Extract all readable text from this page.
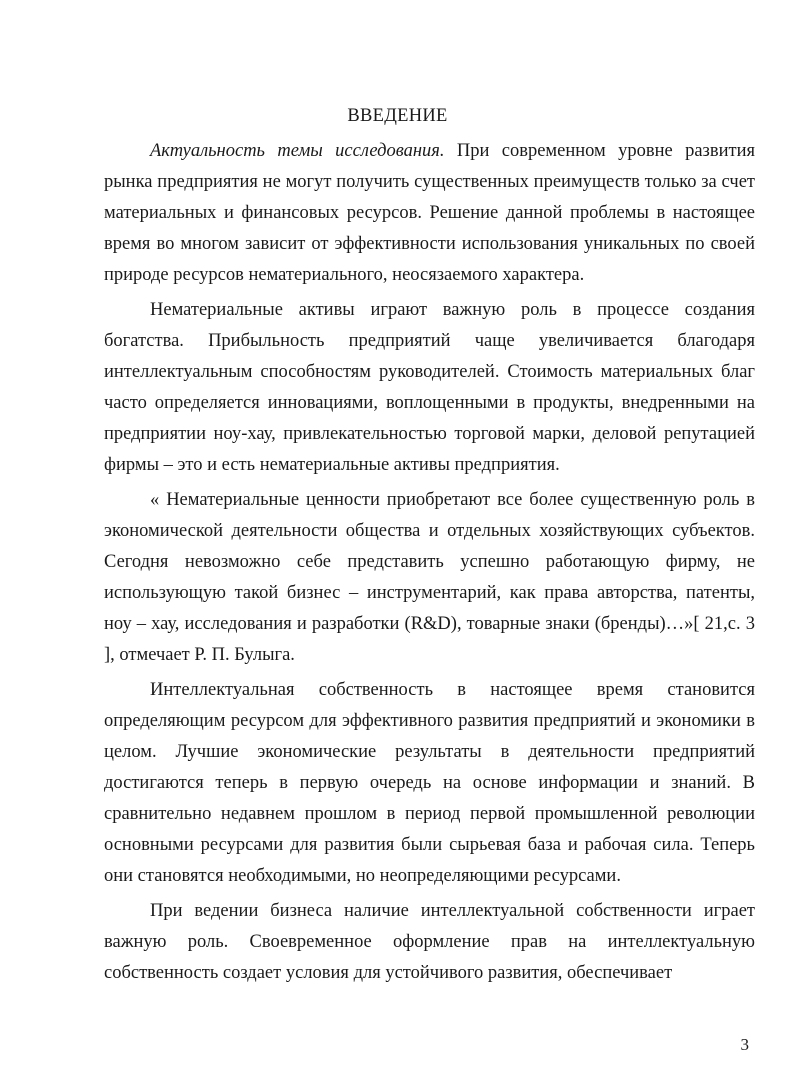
ВВЕДЕНИЕ

Актуальность темы исследования. При современном уровне развития рынка предприятия не могут получить существенных преимуществ только за счет материальных и финансовых ресурсов. Решение данной проблемы в настоящее время во многом зависит от эффективности использования уникальных по своей природе ресурсов нематериального, неосязаемого характера.

Нематериальные активы играют важную роль в процессе создания богатства. Прибыльность предприятий чаще увеличивается благодаря интеллектуальным способностям руководителей. Стоимость материальных благ часто определяется инновациями, воплощенными в продукты, внедренными на предприятии ноу-хау, привлекательностью торговой марки, деловой репутацией фирмы – это и есть нематериальные активы предприятия.

« Нематериальные ценности приобретают все более существенную роль в экономической деятельности общества и отдельных хозяйствующих субъектов. Сегодня невозможно себе представить успешно работающую фирму, не использующую такой бизнес – инструментарий, как права авторства, патенты, ноу – хау, исследования и разработки (R&D), товарные знаки (бренды)…»[ 21,с. 3 ], отмечает Р. П. Булыга.

Интеллектуальная собственность в настоящее время становится определяющим ресурсом для эффективного развития предприятий и экономики в целом. Лучшие экономические результаты в деятельности предприятий достигаются теперь в первую очередь на основе информации и знаний. В сравнительно недавнем прошлом в период первой промышленной революции основными ресурсами для развития были сырьевая база и рабочая сила. Теперь они становятся необходимыми, но неопределяющими ресурсами.

При ведении бизнеса наличие интеллектуальной собственности играет важную роль. Своевременное оформление прав на интеллектуальную собственность создает условия для устойчивого развития, обеспечивает

3
